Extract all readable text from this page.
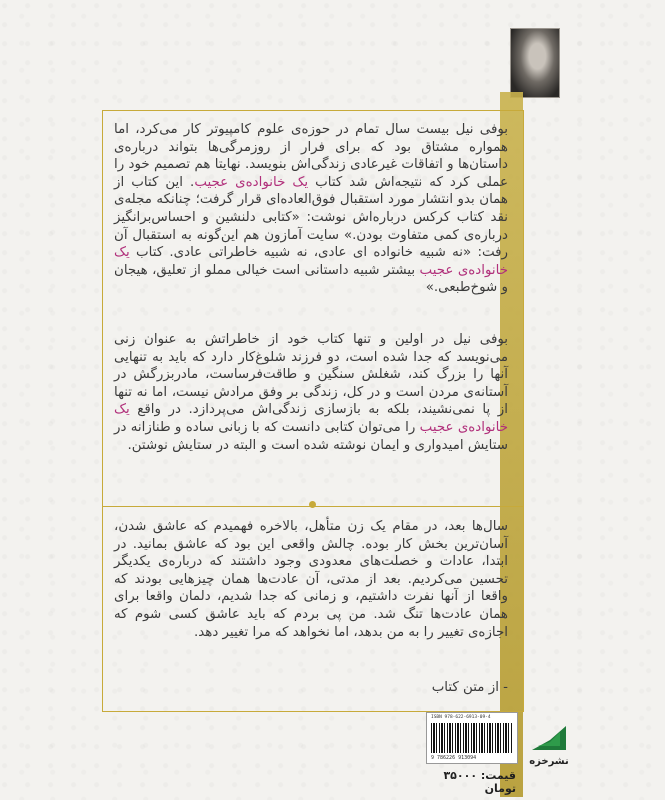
بوفی نیل بیست سال تمام در حوزه‌ی علوم کامپیوتر کار می‌کرد، اما همواره مشتاق بود که برای فرار از روزمرگی‌ها بتواند درباره‌ی داستان‌ها و اتفاقات غیرعادی زندگی‌اش بنویسد. نهایتا هم تصمیم خود را عملی کرد که نتیجه‌اش شد کتاب یک خانواده‌ی عجیب. این کتاب از همان بدو انتشار مورد استقبال فوق‌العاده‌ای قرار گرفت؛ چنانکه مجله‌ی نقد کتاب کرکس درباره‌اش نوشت: «کتابی دلنشین و احساس‌برانگیز درباره‌ی کمی متفاوت بودن.» سایت آمازون هم این‌گونه به استقبال آن رفت: «نه شبیه خانواده ای عادی، نه شبیه خاطراتی عادی. کتاب یک خانواده‌ی عجیب بیشتر شبیه داستانی است خیالی مملو از تعلیق، هیجان و شوخ‌طبعی.»
بوفی نیل در اولین و تنها کتاب خود از خاطراتش به عنوان زنی می‌نویسد که جدا شده است، دو فرزند شلوغ‌کار دارد که باید به تنهایی آنها را بزرگ کند، شغلش سنگین و طاقت‌فرساست، مادربزرگش در آستانه‌ی مردن است و در کل، زندگی بر وفق مرادش نیست، اما نه تنها از پا نمی‌نشیند، بلکه به بازسازی زندگی‌اش می‌پردازد. در واقع یک خانواده‌ی عجیب را می‌توان کتابی دانست که با زبانی ساده و طنازانه در ستایش امیدواری و ایمان نوشته شده است و البته در ستایش نوشتن.
سال‌ها بعد، در مقام یک زن متأهل، بالاخره فهمیدم که عاشق شدن، آسان‌ترین بخش کار بوده. چالش واقعی این بود که عاشق بمانید. در ابتدا، عادات و خصلت‌های معدودی وجود داشتند که درباره‌ی یکدیگر تحسین می‌کردیم. بعد از مدتی، آن عادت‌ها همان چیزهایی بودند که واقعا از آنها نفرت داشتیم، و زمانی که جدا شدیم، دلمان واقعا برای همان عادت‌ها تنگ شد. من پی بردم که باید عاشق کسی شوم که اجازه‌ی تغییر را به من بدهد، اما نخواهد که مرا تغییر دهد.
- از متن کتاب
ISBN 978-622-6913-09-4
9 786226 913094
قیمت: ۳۵۰۰۰ تومان
نشرخزه
